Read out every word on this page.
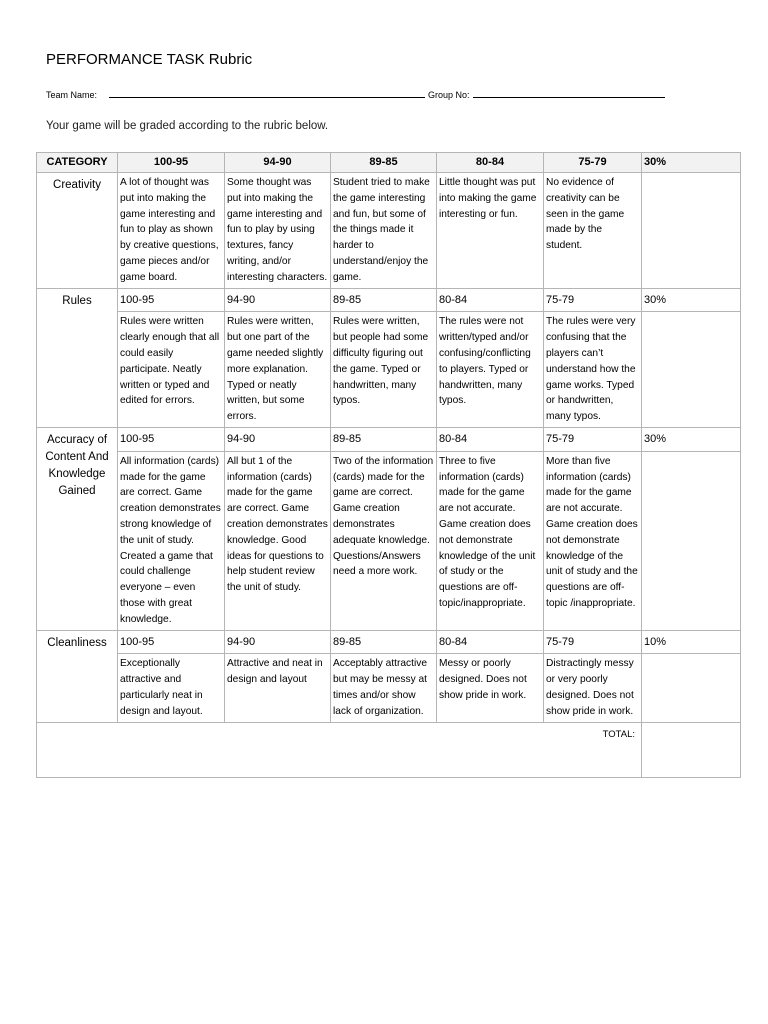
PERFORMANCE TASK Rubric
Team Name:	Group No:
Your game will be graded according to the rubric below.
CATEGORY	100-95	94-90	89-85	80-84	75-79	30%
Creativity	A lot of thought was put into making the game interesting and fun to play as shown by creative questions, game pieces and/or game board.	Some thought was put into making the game interesting and fun to play by using textures, fancy writing, and/or interesting characters.	Student tried to make the game interesting and fun, but some of the things made it harder to understand/enjoy the game.	Little thought was put into making the game interesting or fun.	No evidence of creativity can be seen in the game made by the student.	
Rules	100-95	94-90	89-85	80-84	75-79	30%
	Rules were written clearly enough that all could easily participate. Neatly written or typed and edited for errors.	Rules were written, but one part of the game needed slightly more explanation. Typed or neatly written, but some errors.	Rules were written, but people had some difficulty figuring out the game. Typed or handwritten, many typos.	The rules were not written/typed and/or confusing/conflicting to players. Typed or handwritten, many typos.	The rules were very confusing that the players can’t understand how the game works. Typed or handwritten, many typos.	
Accuracy of Content And Knowledge Gained	100-95	94-90	89-85	80-84	75-79	30%
	All information (cards) made for the game are correct. Game creation demonstrates strong knowledge of the unit of study. Created a game that could challenge everyone – even those with great knowledge.	All but 1 of the information (cards) made for the game are correct. Game creation demonstrates knowledge. Good ideas for questions to help student review the unit of study.	Two of the information (cards) made for the game are correct. Game creation demonstrates adequate knowledge. Questions/Answers need a more work.	Three to five information (cards) made for the game are not accurate. Game creation does not demonstrate knowledge of the unit of study or the questions are off-topic/inappropriate.	More than five information (cards) made for the game are not accurate. Game creation does not demonstrate knowledge of the unit of study and the questions are off-topic /inappropriate.	
Cleanliness	100-95	94-90	89-85	80-84	75-79	10%
	Exceptionally attractive and particularly neat in design and layout.	Attractive and neat in design and layout	Acceptably attractive but may be messy at times and/or show lack of organization.	Messy or poorly designed. Does not show pride in work.	Distractingly messy or very poorly designed. Does not show pride in work.	
TOTAL:						
